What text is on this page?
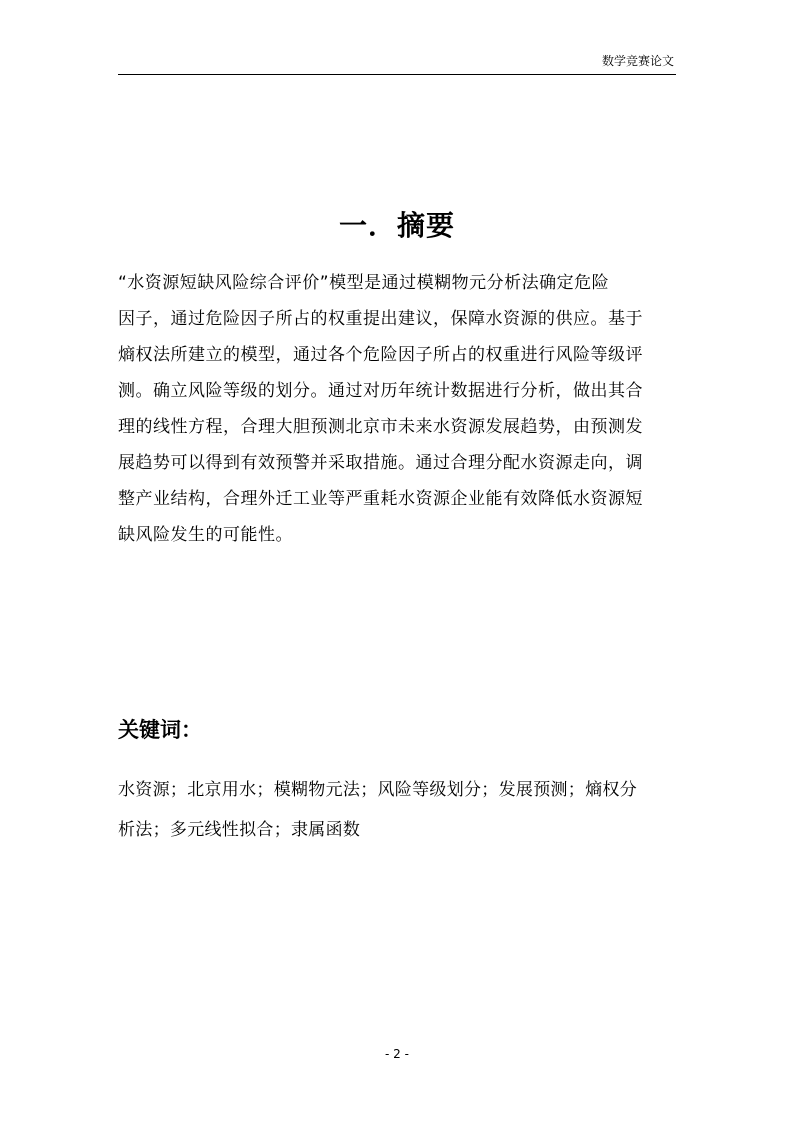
数学竞赛论文
一．摘要
“水资源短缺风险综合评价”模型是通过模糊物元分析法确定危险
因子，通过危险因子所占的权重提出建议，保障水资源的供应。基于
熵权法所建立的模型，通过各个危险因子所占的权重进行风险等级评
测。确立风险等级的划分。通过对历年统计数据进行分析，做出其合
理的线性方程，合理大胆预测北京市未来水资源发展趋势，由预测发
展趋势可以得到有效预警并采取措施。通过合理分配水资源走向，调
整产业结构，合理外迁工业等严重耗水资源企业能有效降低水资源短
缺风险发生的可能性。
关键词：
水资源；北京用水；模糊物元法；风险等级划分；发展预测；熵权分
析法；多元线性拟合；隶属函数
- 2 -
